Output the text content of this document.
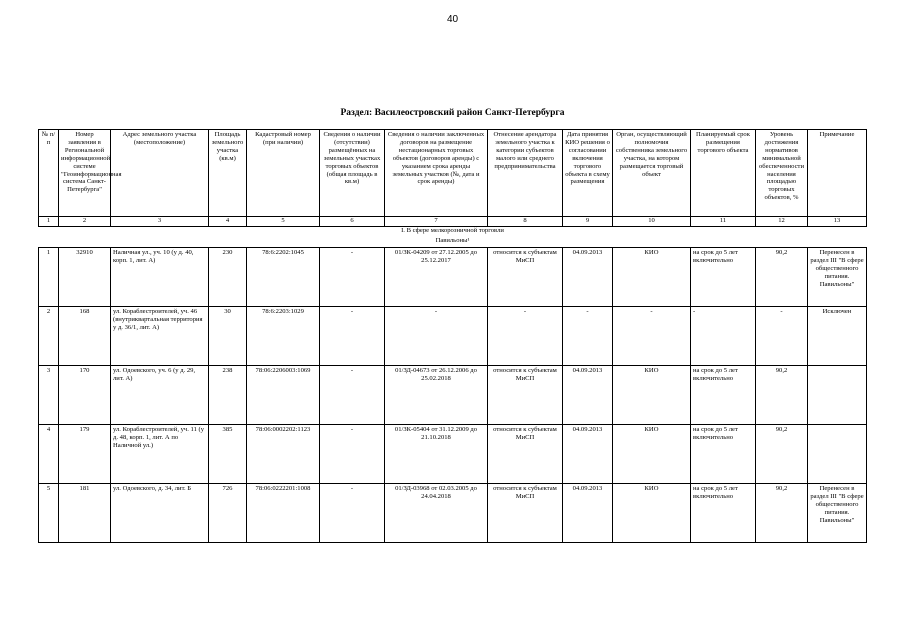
40
Раздел: Василеостровский район Санкт-Петербурга
№ п/п	Номер заявления в Региональной информационной системе "Геоинформационная система Санкт-Петербурга"	Адрес земельного участка (местоположение)	Площадь земельного участка (кв.м)	Кадастровый номер (при наличии)	Сведения о наличии (отсутствии) размещённых на земельных участках торговых объектов (общая площадь в кв.м)	Сведения о наличии заключенных договоров на размещение нестационарных торговых объектов (договоров аренды) с указанием срока аренды земельных участков (№, дата и срок аренды)	Отнесение арендатора земельного участка к категории субъектов малого или среднего предпринимательства	Дата принятия КИО решения о согласовании включения торгового объекта в схему размещения	Орган, осуществляющий полномочия собственника земельного участка, на котором размещается торговый объект	Планируемый срок размещения торгового объекта	Уровень достижения нормативов минимальной обеспеченности населения площадью торговых объектов, %	Примечание
1	2	3	4	5	6	7	8	9	10	11	12	13
I. В сфере мелкорозничной торговли												
Павильоны¹												
1	32910	Наличная ул., уч. 10 (у д. 40, корп. 1, лит. А)	230	78:6:2202:1045	-	01/ЗК-04209 от 27.12.2005 до 25.12.2017	относится к субъектам МиСП	04.09.2013	КИО	на срок до 5 лет включительно	90,2	Перенесен в раздел III "В сфере общественного питания. Павильоны"
2	168	ул. Кораблестроителей, уч. 46 (внутриквартальная территория у д. 36/1, лит. А)	30	78:6:2203:1029	-	-	-	-	-	-	-	Исключен
3	170	ул. Одоевского, уч. 6 (у д. 29, лит. А)	238	78:06:2206003:1069	-	01/ЗД-04673 от 26.12.2006 до 25.02.2018	относится к субъектам МиСП	04.09.2013	КИО	на срок до 5 лет включительно	90,2	
4	179	ул. Кораблестроителей, уч. 11 (у д. 48, корп. 1, лит. А по Наличной ул.)	385	78:06:0002202:1123	-	01/ЗК-05404 от 31.12.2009 до 21.10.2018	относится к субъектам МиСП	04.09.2013	КИО	на срок до 5 лет включительно	90,2	
5	181	ул. Одоевского, д. 34, лит. Б	726	78:06:0222201:1008	-	01/ЗД-03968 от 02.03.2005 до 24.04.2018	относится к субъектам МиСП	04.09.2013	КИО	на срок до 5 лет включительно	90,2	Перенесен в раздел III "В сфере общественного питания. Павильоны"
